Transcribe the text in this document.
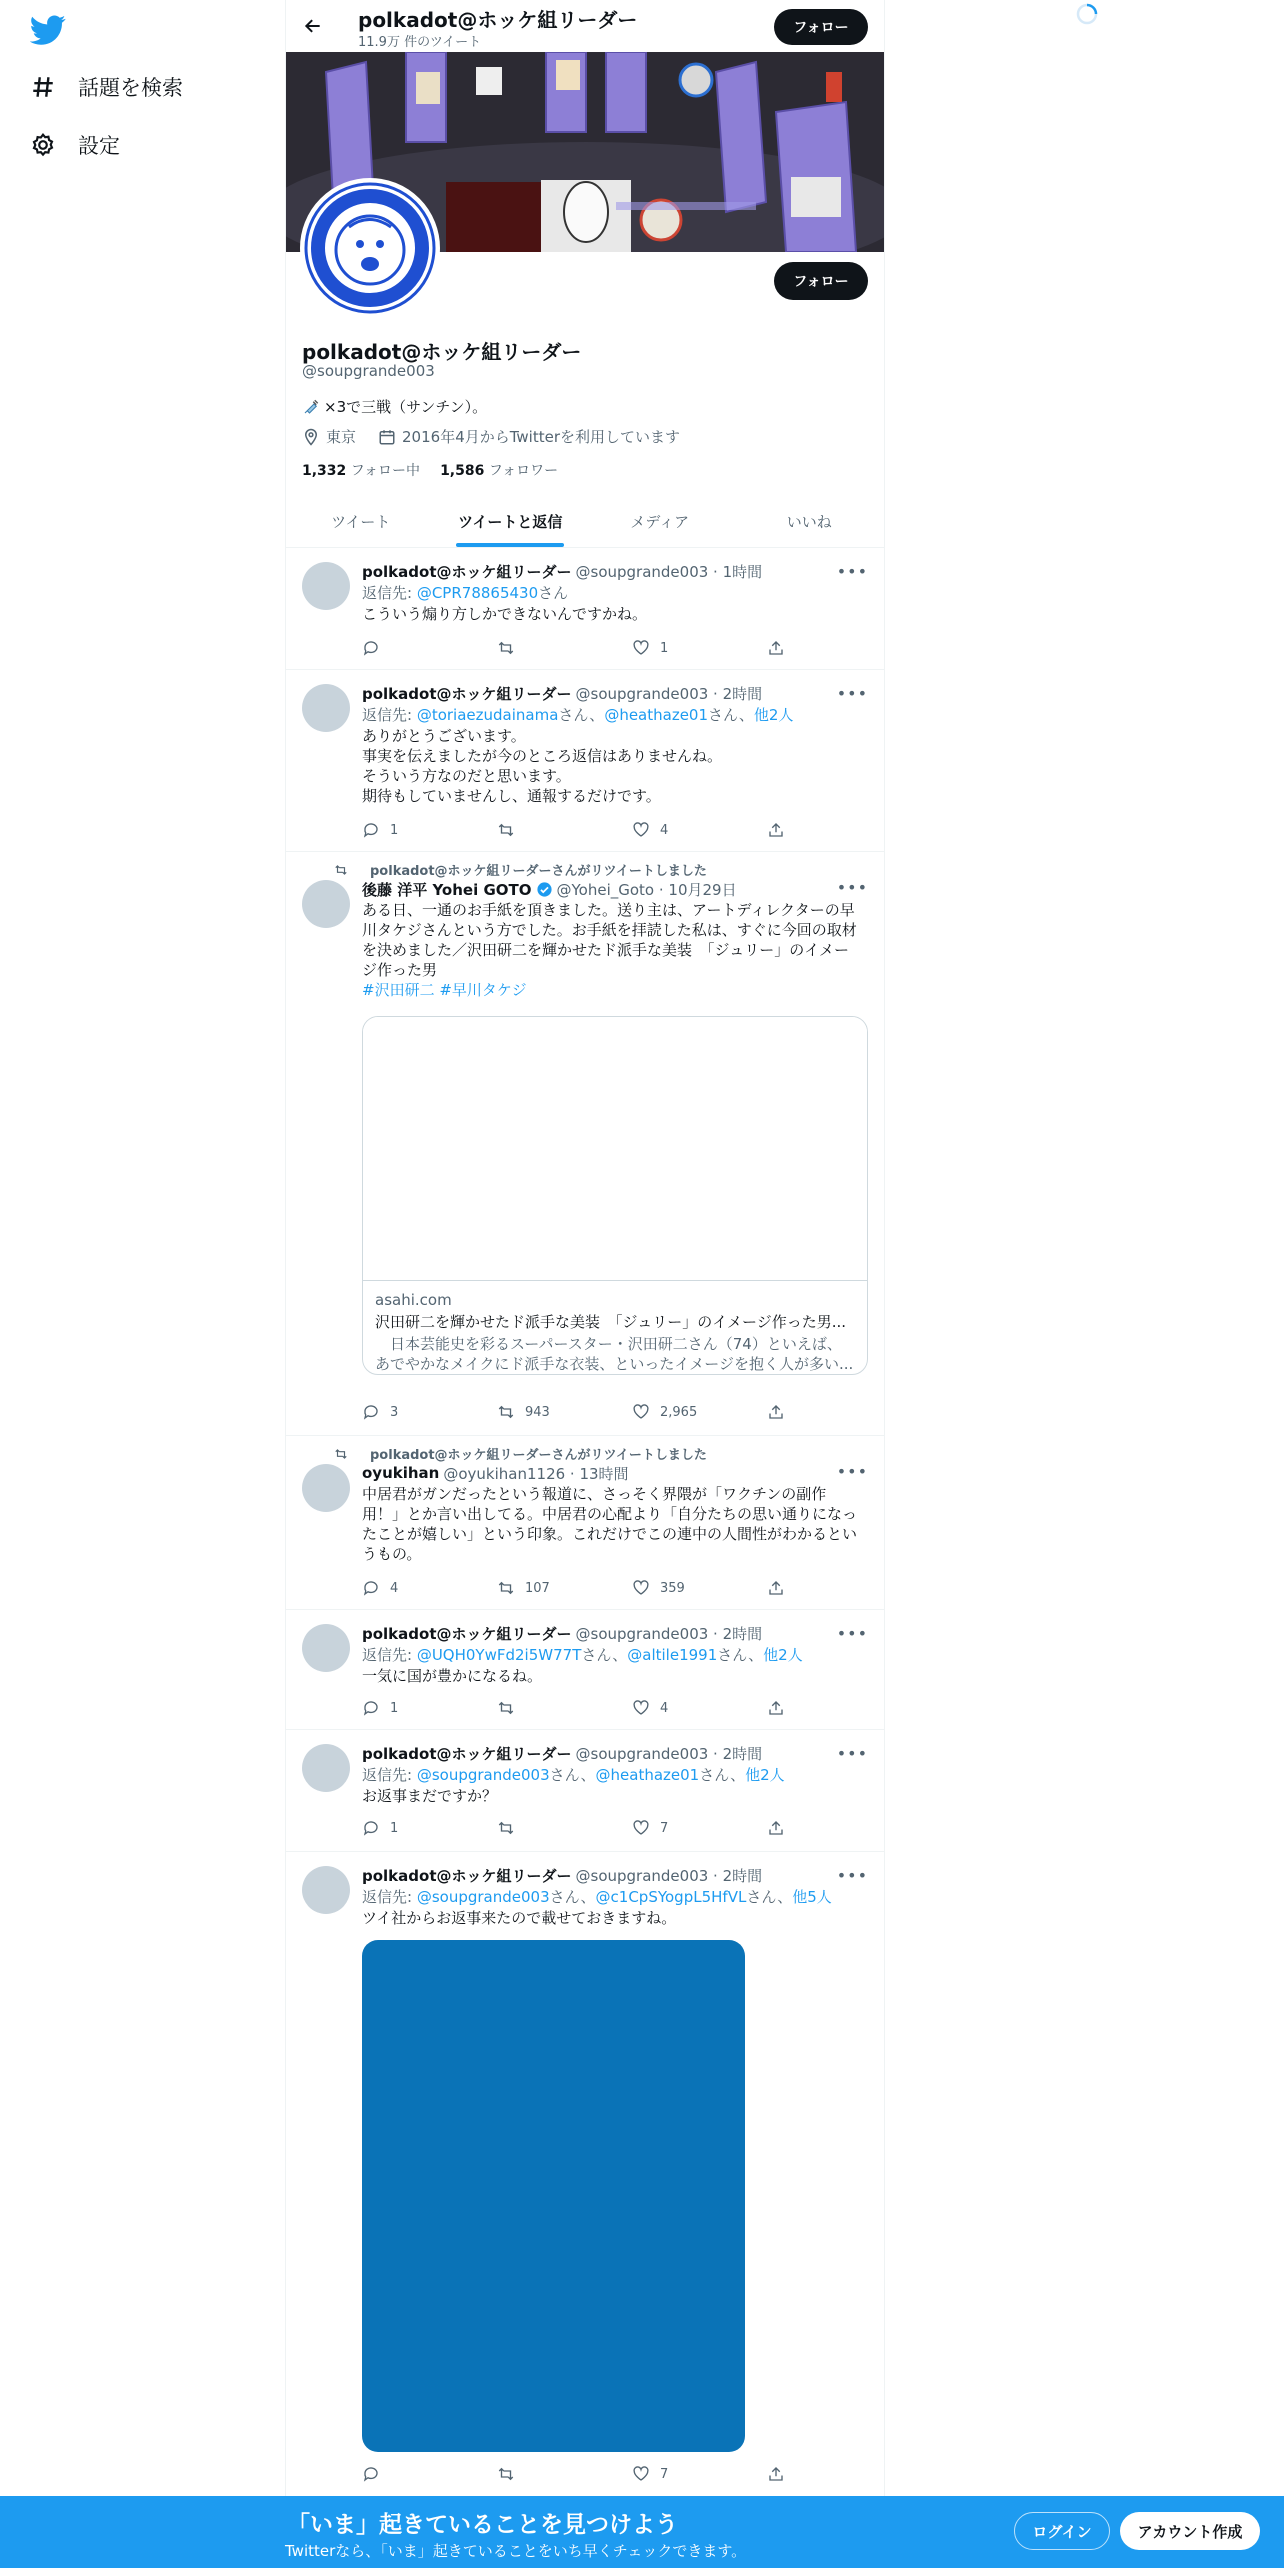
話題を検索
設定
polkadot@ホッケ組リーダー
11.9万 件のツイート
フォロー
フォロー
polkadot@ホッケ組リーダー
@soupgrande003
×3で三戦（サンチン）。
東京	2016年4月からTwitterを利用しています
1,332 フォロー中 1,586 フォロワー
ツイート	ツイートと返信	メディア	いいね
•••
polkadot@ホッケ組リーダー @soupgrande003 · 1時間
返信先: @CPR78865430さん
こういう煽り方しかできないんですかね。
1
•••
polkadot@ホッケ組リーダー @soupgrande003 · 2時間
返信先: @toriaezudainamaさん、@heathaze01さん、他2人
ありがとうございます。
事実を伝えましたが今のところ返信はありませんね。
そういう方なのだと思います。
期待もしていませんし、通報するだけです。
1	4
polkadot@ホッケ組リーダーさんがリツイートしました
•••
後藤 洋平 Yohei GOTO @Yohei_Goto · 10月29日
ある日、一通のお手紙を頂きました。送り主は、アートディレクターの早
川タケジさんという方でした。お手紙を拝読した私は、すぐに今回の取材
を決めました／沢田研二を輝かせたド派手な美装　「ジュリー」のイメー
ジ作った男
#沢田研二 #早川タケジ
asahi.com
沢田研二を輝かせたド派手な美装　「ジュリー」のイメージ作った男...
　日本芸能史を彩るスーパースター・沢田研二さん（74）といえば、
あでやかなメイクにド派手な衣装、といったイメージを抱く人が多い...
3	943	2,965
polkadot@ホッケ組リーダーさんがリツイートしました
•••
oyukihan @oyukihan1126 · 13時間
中居君がガンだったという報道に、さっそく界隈が「ワクチンの副作
用！」とか言い出してる。中居君の心配より「自分たちの思い通りになっ
たことが嬉しい」という印象。これだけでこの連中の人間性がわかるとい
うもの。
4	107	359
•••
polkadot@ホッケ組リーダー @soupgrande003 · 2時間
返信先: @UQH0YwFd2i5W77Tさん、@altile1991さん、他2人
一気に国が豊かになるね。
1	4
•••
polkadot@ホッケ組リーダー @soupgrande003 · 2時間
返信先: @soupgrande003さん、@heathaze01さん、他2人
お返事まだですか？
1	7
•••
polkadot@ホッケ組リーダー @soupgrande003 · 2時間
返信先: @soupgrande003さん、@c1CpSYogpL5HfVLさん、他5人
ツイ社からお返事来たので載せておきますね。
7
「いま」起きていることを見つけよう
Twitterなら、「いま」起きていることをいち早くチェックできます。
ログイン	アカウント作成
